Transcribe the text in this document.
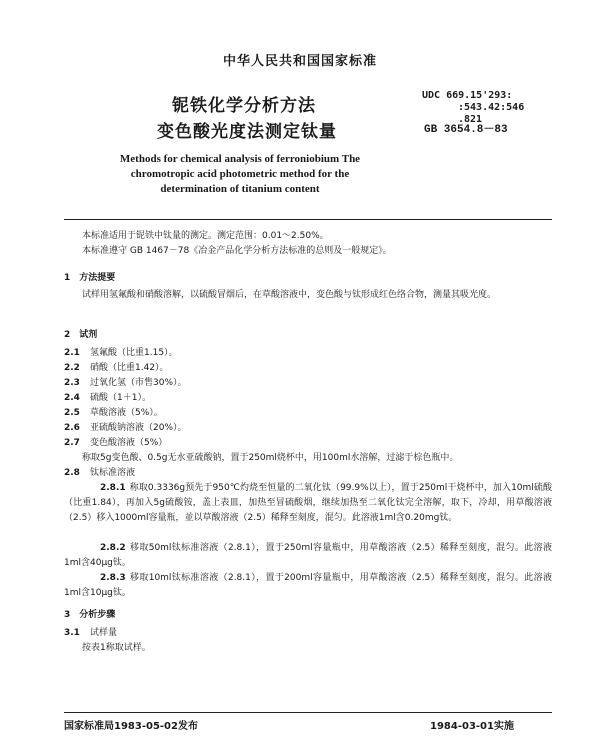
中华人民共和国国家标准
铌铁化学分析方法
变色酸光度法测定钛量
UDC 669.15'293:
:543.42:546
.821
GB 3654.8－83
Methods for chemical analysis of ferroniobium The chromotropic acid photometric method for the determination of titanium content
本标准适用于铌铁中钛量的测定。测定范围：0.01～2.50%。
本标准遵守 GB 1467－78《冶金产品化学分析方法标准的总则及一般规定》。
1　方法提要
试样用氢氟酸和硝酸溶解，以硫酸冒烟后，在草酸溶液中，变色酸与钛形成红色络合物，测量其吸光度。
2　试剂
2.1 氢氟酸（比重1.15）。
2.2 硝酸（比重1.42）。
2.3 过氧化氢（市售30%）。
2.4 硫酸（1＋1）。
2.5 草酸溶液（5%）。
2.6 亚硫酸钠溶液（20%）。
2.7 变色酸溶液（5%）
称取5g变色酸、0.5g无水亚硫酸钠，置于250ml烧杯中，用100ml水溶解，过滤于棕色瓶中。
2.8 钛标准溶液
2.8.1 称取0.3336g预先于950℃灼烧至恒量的二氧化钛（99.9%以上），置于250ml干烧杯中，加入10ml硫酸（比重1.84），再加入5g硫酸铵，盖上表皿，加热至冒硫酸烟，继续加热至二氧化钛完全溶解，取下，冷却，用草酸溶液（2.5）移入1000ml容量瓶，並以草酸溶液（2.5）稀释至刻度，混匀。此溶液1ml含0.20mg钛。
2.8.2 移取50ml钛标准溶液（2.8.1），置于250ml容量瓶中，用草酸溶液（2.5）稀释至刻度，混匀。此溶液1ml含40μg钛。
2.8.3 移取10ml钛标准溶液（2.8.1），置于200ml容量瓶中，用草酸溶液（2.5）稀释至刻度，混匀。此溶液1ml含10μg钛。
3　分析步骤
3.1 试样量
按表1称取试样。
国家标准局1983-05-02发布	1984-03-01实施
